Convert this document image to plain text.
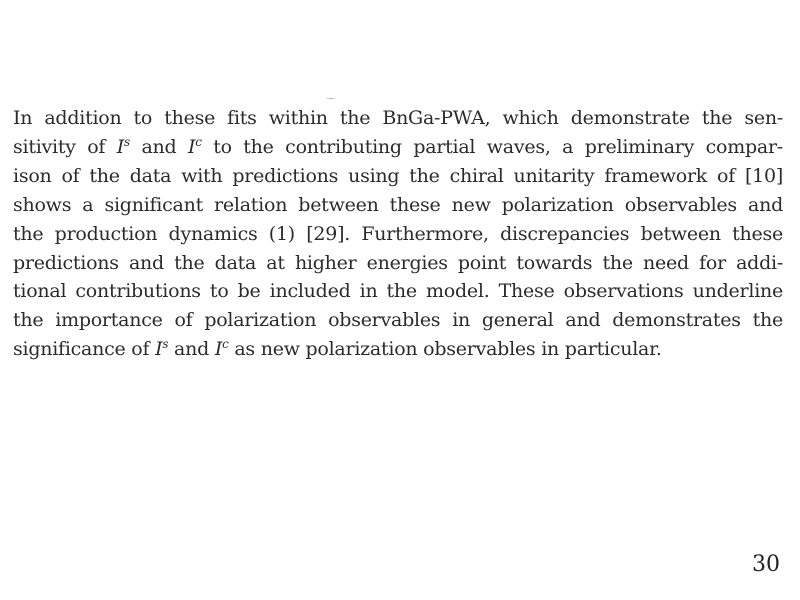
In addition to these fits within the BnGa-PWA, which demonstrate the sen-
sitivity of $I^s$ and $I^c$ to the contributing partial waves, a preliminary compar-
ison of the data with predictions using the chiral unitarity framework of [10]
shows a significant relation between these new polarization observables and
the production dynamics (1) [29]. Furthermore, discrepancies between these
predictions and the data at higher energies point towards the need for addi-
tional contributions to be included in the model. These observations underline
the importance of polarization observables in general and demonstrates the
significance of $I^s$ and $I^c$ as new polarization observables in particular.

30
